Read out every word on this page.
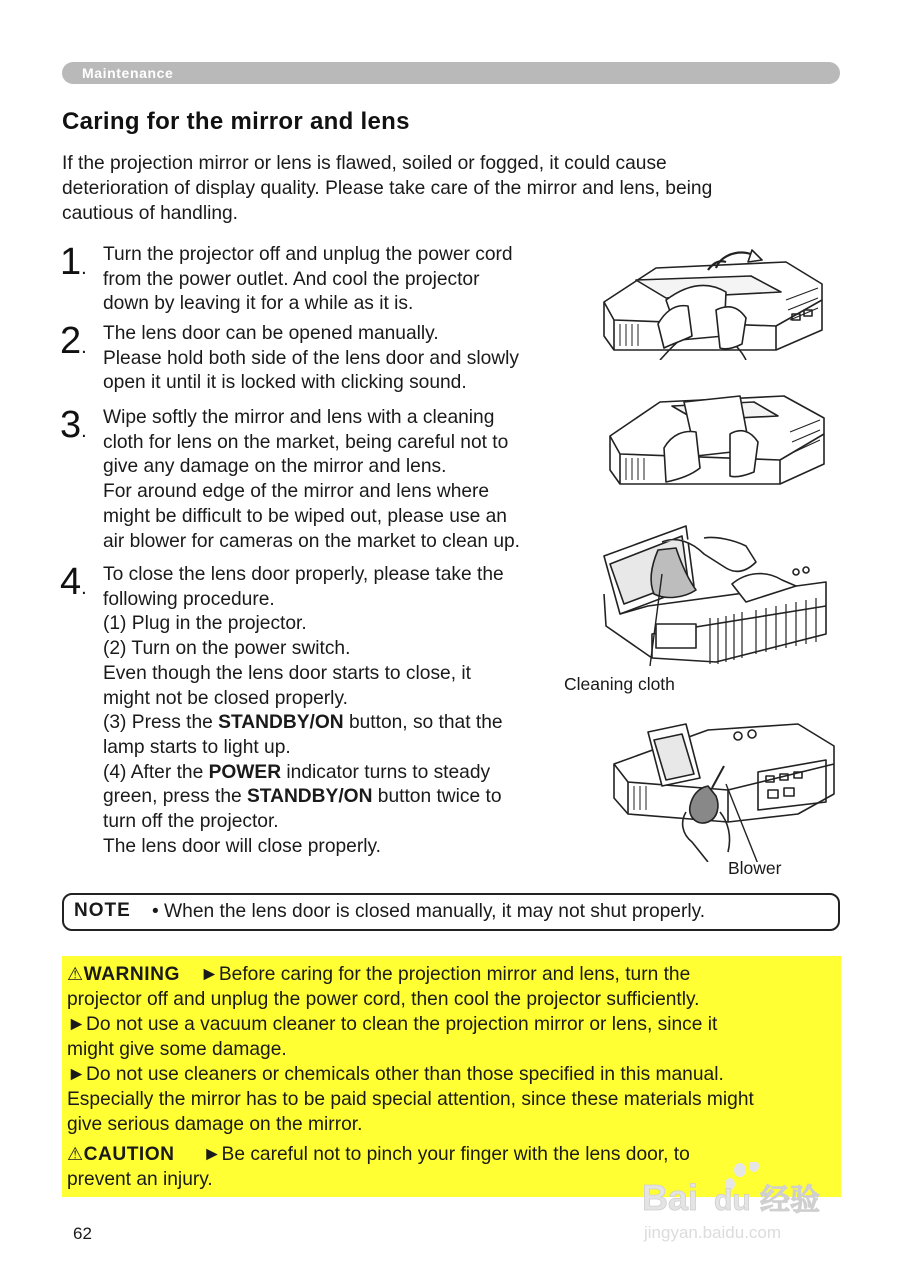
Maintenance
Caring for the mirror and lens

If the projection mirror or lens is flawed, soiled or fogged, it could cause
deterioration of display quality. Please take care of the mirror and lens, being
cautious of handling.

1.
Turn the projector off and unplug the power cord
from the power outlet. And cool the projector
down by leaving it for a while as it is.
2.
The lens door can be opened manually.
Please hold both side of the lens door and slowly
open it until it is locked with clicking sound.
3.
Wipe softly the mirror and lens with a cleaning
cloth for lens on the market, being careful not to
give any damage on the mirror and lens.
For around edge of the mirror and lens where
might be difficult to be wiped out, please use an
air blower for cameras on the market to clean up.
4.
To close the lens door properly, please take the
following procedure.
(1) Plug in the projector.
(2) Turn on the power switch.
Even though the lens door starts to close, it
might not be closed properly.
(3) Press the STANDBY/ON button, so that the
lamp starts to light up.
(4) After the POWER indicator turns to steady
green, press the STANDBY/ON button twice to
turn off the projector.
The lens door will close properly.
Cleaning cloth
Blower
NOTE • When the lens door is closed manually, it may not shut properly.
⚠WARNING ►Before caring for the projection mirror and lens, turn the
projector off and unplug the power cord, then cool the projector sufficiently.
►Do not use a vacuum cleaner to clean the projection mirror or lens, since it
might give some damage.
►Do not use cleaners or chemicals other than those specified in this manual.
Especially the mirror has to be paid special attention, since these materials might
give serious damage on the mirror.
⚠CAUTION ►Be careful not to pinch your finger with the lens door, to
prevent an injury.
62
Bai du 经验
jingyan.baidu.com
